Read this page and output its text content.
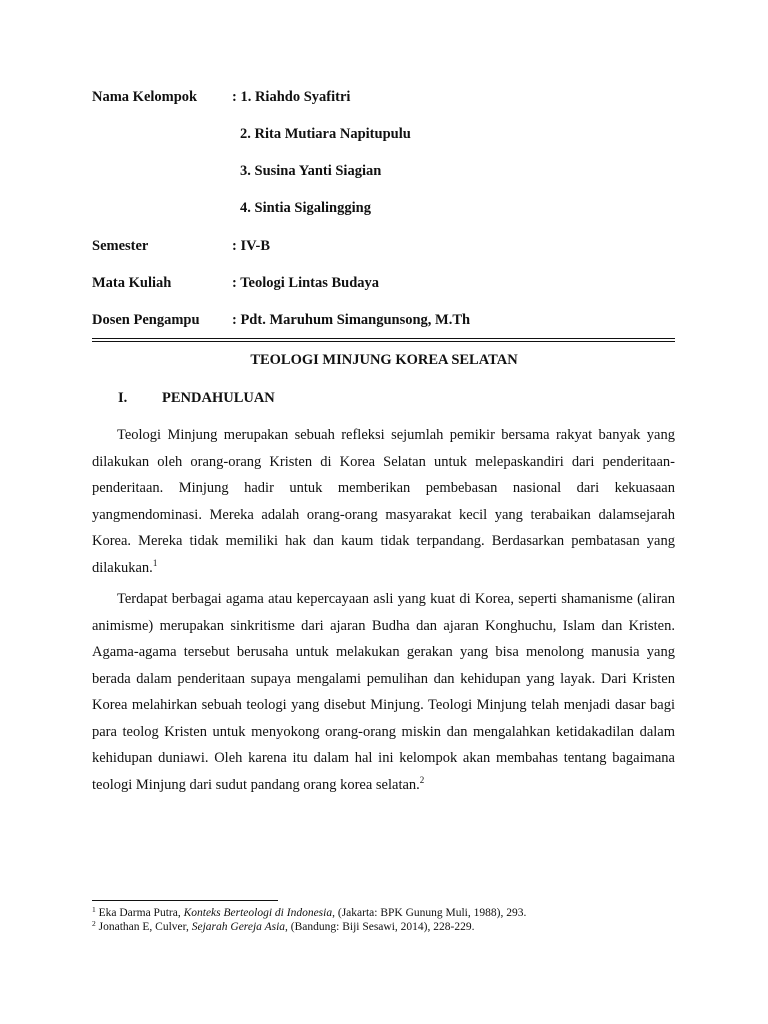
Nama Kelompok : 1. Riahdo Syafitri
2. Rita Mutiara Napitupulu
3. Susina Yanti Siagian
4. Sintia Sigalingging
Semester	: IV-B
Mata Kuliah	: Teologi Lintas Budaya
Dosen Pengampu : Pdt. Maruhum Simangunsong, M.Th
TEOLOGI MINJUNG KOREA SELATAN
I. PENDAHULUAN
Teologi Minjung merupakan sebuah refleksi sejumlah pemikir bersama rakyat banyak yang dilakukan oleh orang-orang Kristen di Korea Selatan untuk melepaskandiri dari penderitaan-penderitaan. Minjung hadir untuk memberikan pembebasan nasional dari kekuasaan yangmendominasi. Mereka adalah orang-orang masyarakat kecil yang terabaikan dalamsejarah Korea. Mereka tidak memiliki hak dan kaum tidak terpandang. Berdasarkan pembatasan yang dilakukan.$^1$
Terdapat berbagai agama atau kepercayaan asli yang kuat di Korea, seperti shamanisme (aliran animisme) merupakan sinkritisme dari ajaran Budha dan ajaran Konghuchu, Islam dan Kristen. Agama-agama tersebut berusaha untuk melakukan gerakan yang bisa menolong manusia yang berada dalam penderitaan supaya mengalami pemulihan dan kehidupan yang layak. Dari Kristen Korea melahirkan sebuah teologi yang disebut Minjung. Teologi Minjung telah menjadi dasar bagi para teolog Kristen untuk menyokong orang-orang miskin dan mengalahkan ketidakadilan dalam kehidupan duniawi. Oleh karena itu dalam hal ini kelompok akan membahas tentang bagaimana teologi Minjung dari sudut pandang orang korea selatan.$^2$
$^1$ Eka Darma Putra, Konteks Berteologi di Indonesia, (Jakarta: BPK Gunung Muli, 1988), 293.
$^2$ Jonathan E, Culver, Sejarah Gereja Asia, (Bandung: Biji Sesawi, 2014), 228-229.
